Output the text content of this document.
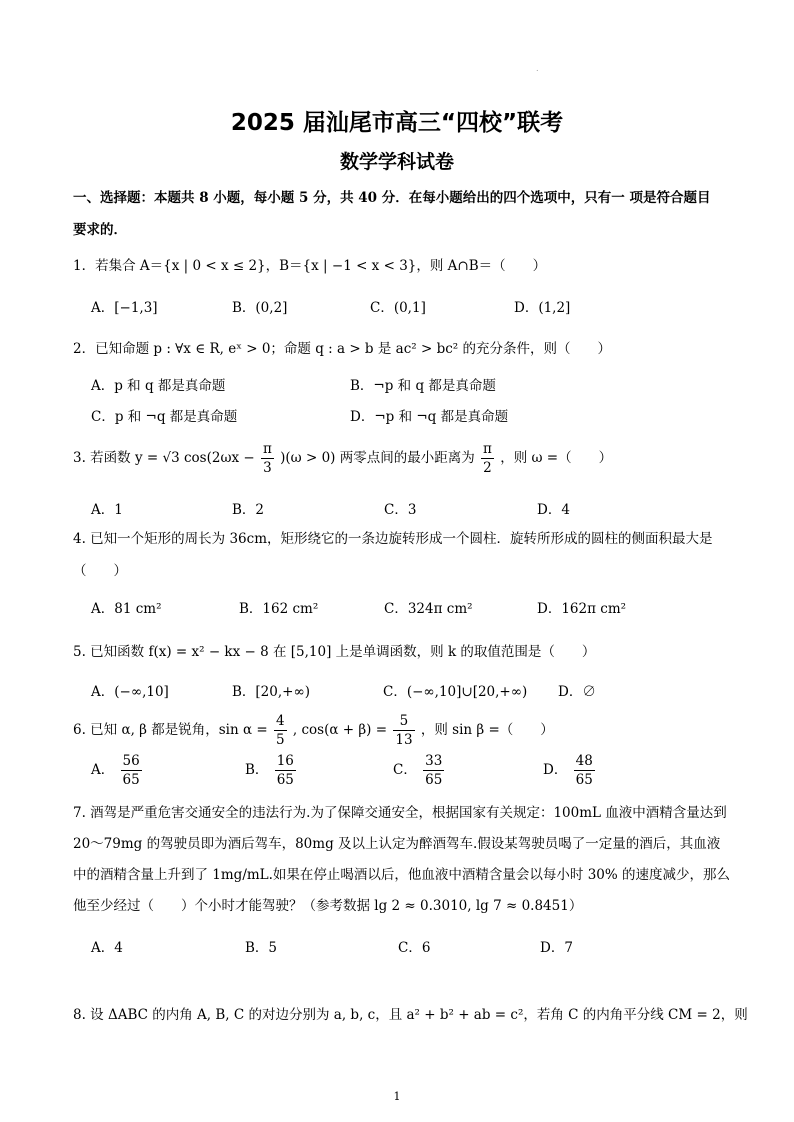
.
2025 届汕尾市高三“四校”联考
数学学科试卷
一、选择题：本题共 8 小题，每小题 5 分，共 40 分．在每小题给出的四个选项中，只有一 项是符合题目要求的．
1．若集合 A＝{x | 0 < x ≤ 2}，B＝{x | −1 < x < 3}，则 A∩B＝（　　）
A．[−1,3]	B．(0,2]	C．(0,1]	D．(1,2]
2．已知命题 p : ∀x ∈ R, eˣ > 0；命题 q : a > b 是 ac² > bc² 的充分条件，则（　　）
A．p 和 q 都是真命题	B．¬p 和 q 都是真命题
C．p 和 ¬q 都是真命题	D．¬p 和 ¬q 都是真命题
3. 若函数 y = √3 $\cos(2\omega x - \frac{\pi}{3} )(\omega > 0)$ 两零点间的最小距离为 $\frac{\pi}{2}$ ，则 ω =（　　）
A．1	B．2	C．3	D．4
4. 已知一个矩形的周长为 36cm，矩形绕它的一条边旋转形成一个圆柱．旋转所形成的圆柱的侧面积最大是（　　）
A．81 cm²	B．162 cm²	C．324π cm²	D．162π cm²
5. 已知函数 f(x) = x² − kx − 8 在 [5,10] 上是单调函数，则 k 的取值范围是（　　）
A．(−∞,10]	B．[20,+∞)	C．(−∞,10]∪[20,+∞) D．∅
6. 已知 α, β 都是锐角，$\sin \alpha = \frac{4}{5}$ , $\cos(\alpha + \beta) = \frac{5}{13}$ ，则 sin β =（　　）
A． $\frac{56}{65}$	B． $\frac{16}{65}$	C． $\frac{33}{65}$	D． $\frac{48}{65}$
7. 酒驾是严重危害交通安全的违法行为.为了保障交通安全，根据国家有关规定：100mL 血液中酒精含量达到 20～79mg 的驾驶员即为酒后驾车，80mg 及以上认定为醉酒驾车.假设某驾驶员喝了一定量的酒后，其血液中的酒精含量上升到了 1mg/mL.如果在停止喝酒以后，他血液中酒精含量会以每小时 30% 的速度减少，那么他至少经过（　　）个小时才能驾驶？（参考数据 lg 2 ≈ 0.3010, lg 7 ≈ 0.8451）
A．4	B．5	C．6	D．7
8. 设 ΔABC 的内角 A, B, C 的对边分别为 a, b, c，且 a² + b² + ab = c²，若角 C 的内角平分线 CM = 2，则
1
